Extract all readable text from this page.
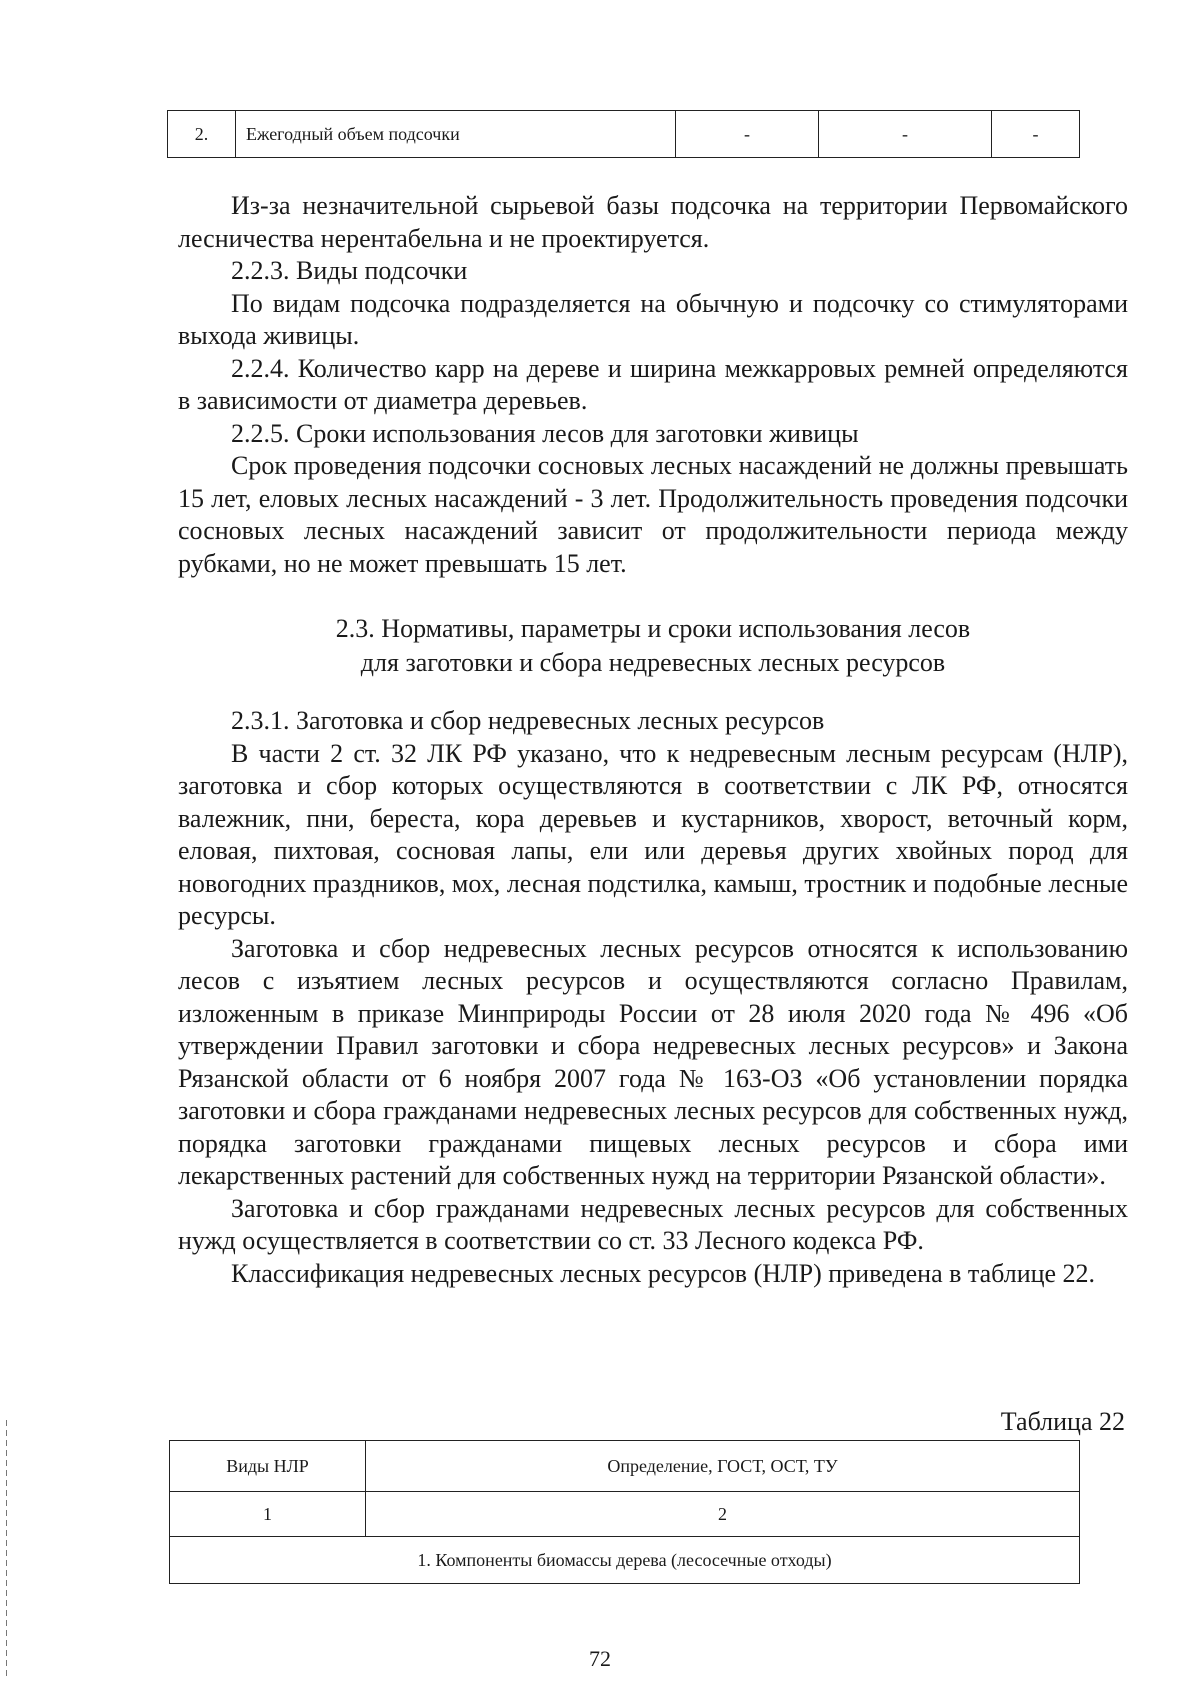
2.	Ежегодный объем подсочки	-	-	-

Из-за незначительной сырьевой базы подсочка на территории Первомайского лесничества нерентабельна и не проектируется.

2.2.3. Виды подсочки

По видам подсочка подразделяется на обычную и подсочку со стимуляторами выхода живицы.

2.2.4. Количество карр на дереве и ширина межкарровых ремней определяются в зависимости от диаметра деревьев.

2.2.5. Сроки использования лесов для заготовки живицы

Срок проведения подсочки сосновых лесных насаждений не должны превышать 15 лет, еловых лесных насаждений - 3 лет. Продолжительность проведения подсочки сосновых лесных насаждений зависит от продолжительности периода между рубками, но не может превышать 15 лет.

2.3. Нормативы, параметры и сроки использования лесов
для заготовки и сбора недревесных лесных ресурсов

2.3.1. Заготовка и сбор недревесных лесных ресурсов

В части 2 ст. 32 ЛК РФ указано, что к недревесным лесным ресурсам (НЛР), заготовка и сбор которых осуществляются в соответствии с ЛК РФ, относятся валежник, пни, береста, кора деревьев и кустарников, хворост, веточный корм, еловая, пихтовая, сосновая лапы, ели или деревья других хвойных пород для новогодних праздников, мох, лесная подстилка, камыш, тростник и подобные лесные ресурсы.

Заготовка и сбор недревесных лесных ресурсов относятся к использованию лесов с изъятием лесных ресурсов и осуществляются согласно Правилам, изложенным в приказе Минприроды России от 28 июля 2020 года № 496 «Об утверждении Правил заготовки и сбора недревесных лесных ресурсов» и Закона Рязанской области от 6 ноября 2007 года № 163-ОЗ «Об установлении порядка заготовки и сбора гражданами недревесных лесных ресурсов для собственных нужд, порядка заготовки гражданами пищевых лесных ресурсов и сбора ими лекарственных растений для собственных нужд на территории Рязанской области».

Заготовка и сбор гражданами недревесных лесных ресурсов для собственных нужд осуществляется в соответствии со ст. 33 Лесного кодекса РФ.

Классификация недревесных лесных ресурсов (НЛР) приведена в таблице 22.

Таблица 22
Виды НЛР	Определение, ГОСТ, ОСТ, ТУ
1	2
1. Компоненты биомассы дерева (лесосечные отходы)	
72
